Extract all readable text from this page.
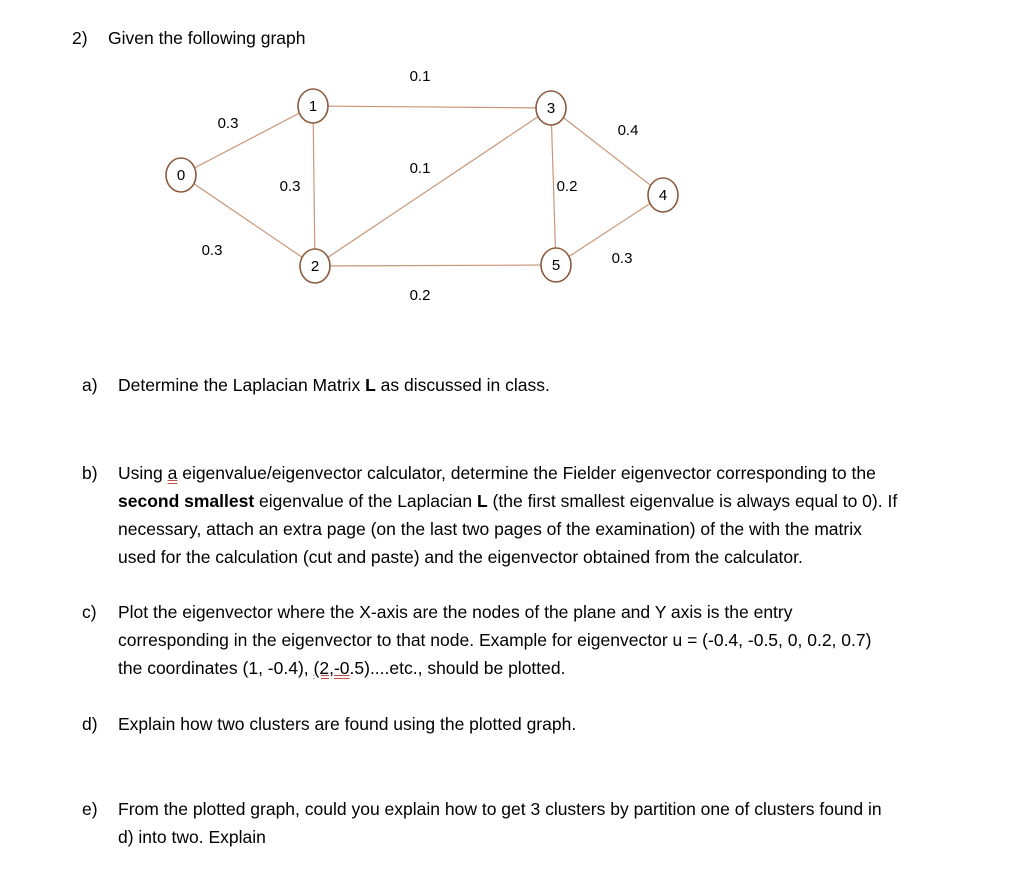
2) Given the following graph
0.3
0.3
0.3
0.1
0.1
0.2
0.2
0.4
0.3
0
1
2
3
4
5
a) Determine the Laplacian Matrix L as discussed in class.
b) Using a eigenvalue/eigenvector calculator, determine the Fielder eigenvector corresponding to the
second smallest eigenvalue of the Laplacian L (the first smallest eigenvalue is always equal to 0). If
necessary, attach an extra page (on the last two pages of the examination) of the with the matrix
used for the calculation (cut and paste) and the eigenvector obtained from the calculator.
c) Plot the eigenvector where the X-axis are the nodes of the plane and Y axis is the entry
corresponding in the eigenvector to that node. Example for eigenvector u = (-0.4, -0.5, 0, 0.2, 0.7)
the coordinates (1, -0.4), (2,-0.5)....etc., should be plotted.
d) Explain how two clusters are found using the plotted graph.
e) From the plotted graph, could you explain how to get 3 clusters by partition one of clusters found in
d) into two. Explain
